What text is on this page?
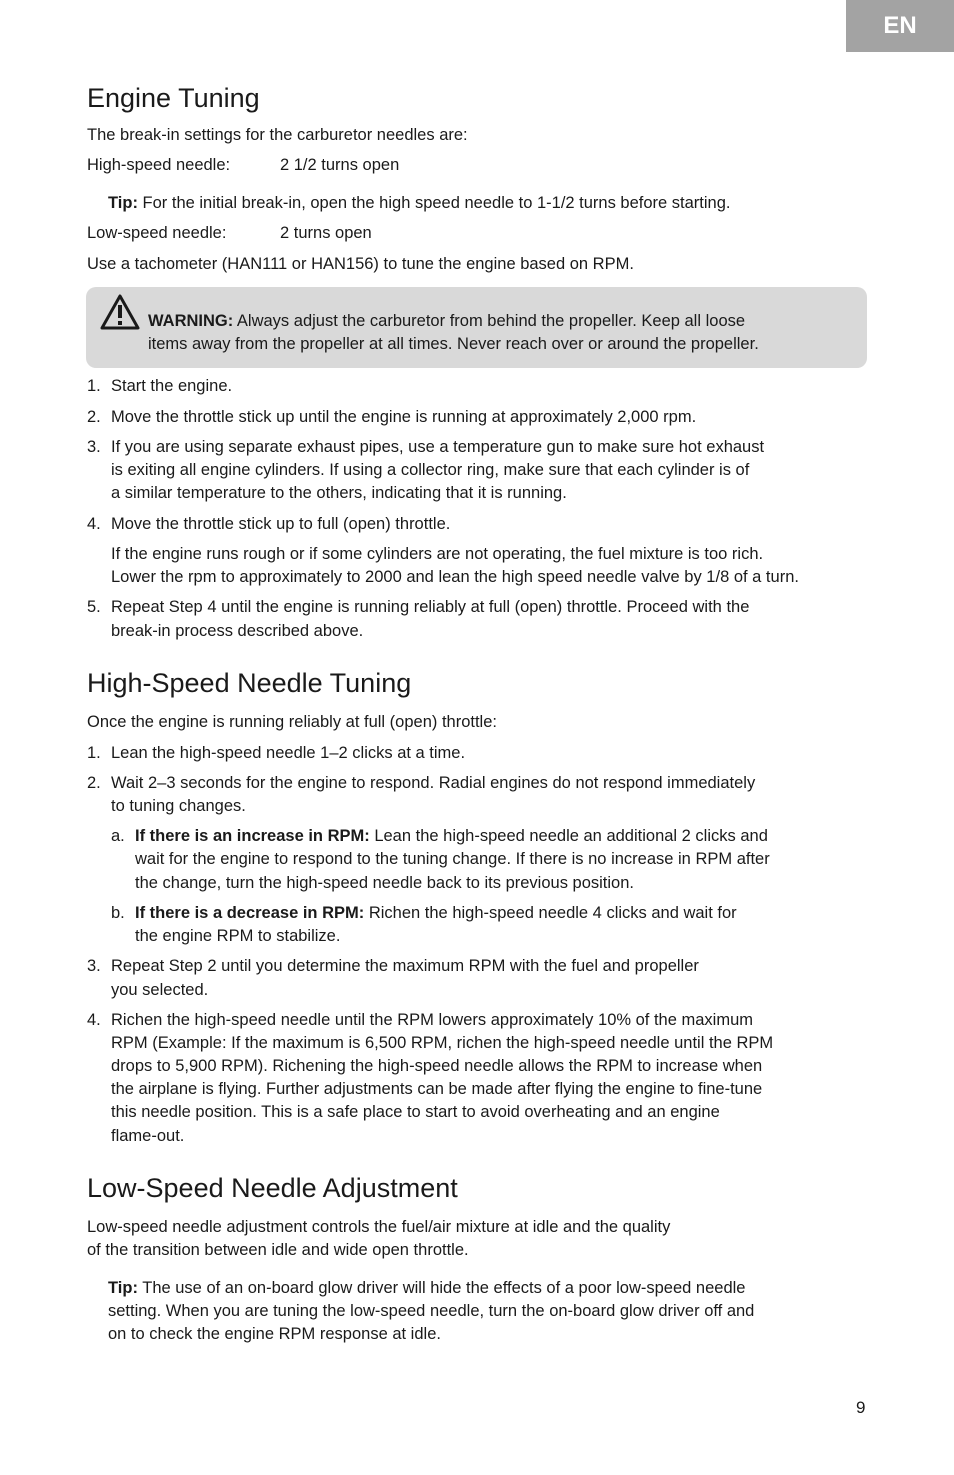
EN
Engine Tuning
The break-in settings for the carburetor needles are:
High-speed needle:	2 1/2 turns open
Tip: For the initial break-in, open the high speed needle to 1-1/2 turns before starting.
Low-speed needle:	2 turns open
Use a tachometer (HAN111 or HAN156) to tune the engine based on RPM.
WARNING: Always adjust the carburetor from behind the propeller. Keep all loose
items away from the propeller at all times. Never reach over or around the propeller.
1. Start the engine.
2. Move the throttle stick up until the engine is running at approximately 2,000 rpm.
3. If you are using separate exhaust pipes, use a temperature gun to make sure hot exhaust
is exiting all engine cylinders. If using a collector ring, make sure that each cylinder is of
a similar temperature to the others, indicating that it is running.
4. Move the throttle stick up to full (open) throttle.
If the engine runs rough or if some cylinders are not operating, the fuel mixture is too rich.
Lower the rpm to approximately to 2000 and lean the high speed needle valve by 1/8 of a turn.
5. Repeat Step 4 until the engine is running reliably at full (open) throttle. Proceed with the
break-in process described above.
High-Speed Needle Tuning
Once the engine is running reliably at full (open) throttle:
1. Lean the high-speed needle 1–2 clicks at a time.
2. Wait 2–3 seconds for the engine to respond. Radial engines do not respond immediately
to tuning changes.
a. If there is an increase in RPM: Lean the high-speed needle an additional 2 clicks and
wait for the engine to respond to the tuning change. If there is no increase in RPM after
the change, turn the high-speed needle back to its previous position.
b. If there is a decrease in RPM: Richen the high-speed needle 4 clicks and wait for
the engine RPM to stabilize.
3. Repeat Step 2 until you determine the maximum RPM with the fuel and propeller
you selected.
4. Richen the high-speed needle until the RPM lowers approximately 10% of the maximum
RPM (Example: If the maximum is 6,500 RPM, richen the high-speed needle until the RPM
drops to 5,900 RPM). Richening the high-speed needle allows the RPM to increase when
the airplane is flying. Further adjustments can be made after flying the engine to fine-tune
this needle position. This is a safe place to start to avoid overheating and an engine
flame-out.
Low-Speed Needle Adjustment
Low-speed needle adjustment controls the fuel/air mixture at idle and the quality
of the transition between idle and wide open throttle.
Tip: The use of an on-board glow driver will hide the effects of a poor low-speed needle
setting. When you are tuning the low-speed needle, turn the on-board glow driver off and
on to check the engine RPM response at idle.
9
